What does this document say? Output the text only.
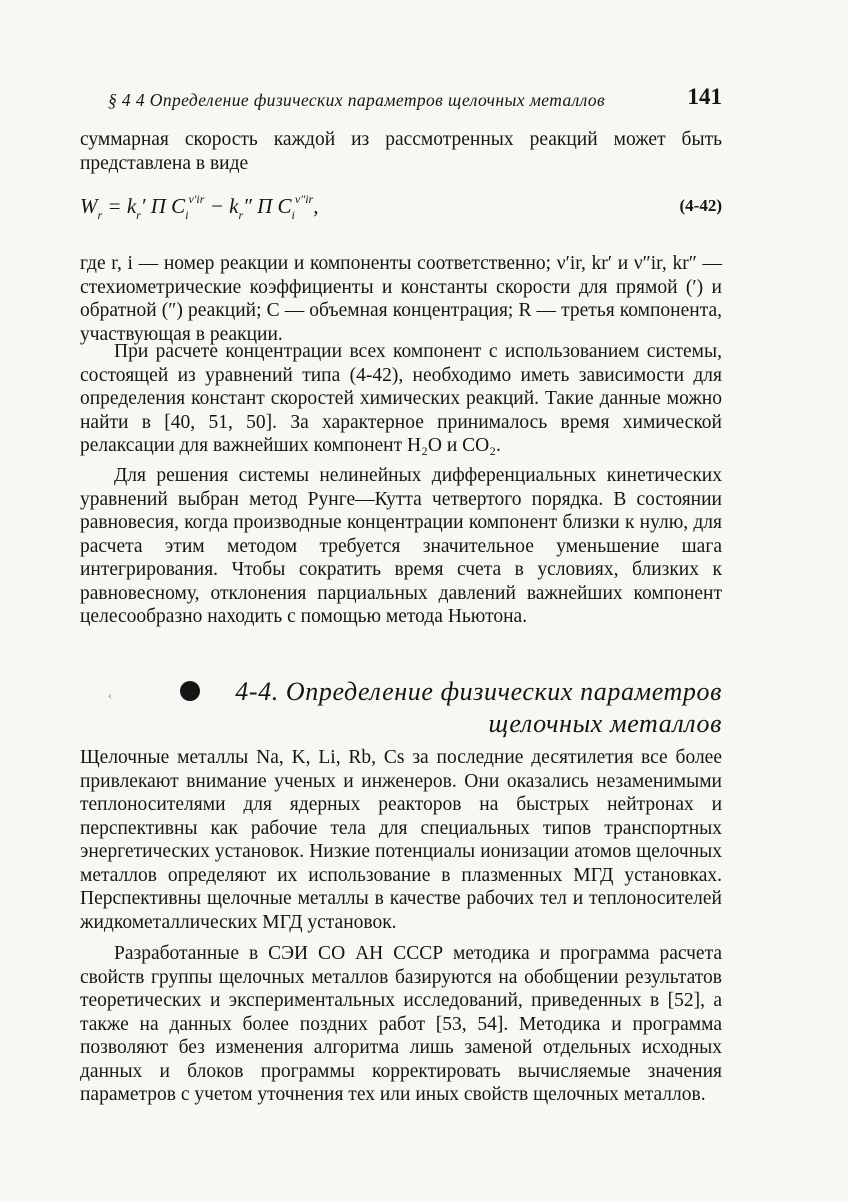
§ 4 4 Определение физических параметров щелочных металлов	141

суммарная скорость каждой из рассмотренных реакций может быть представлена в виде

$W_r = k_r'$ Π $C_i^{\nu'ir} - k_r''$ Π $C_i^{\nu''ir}$,	(4-42)

где r, i — номер реакции и компоненты соответственно; ν′ir, kr′ и ν″ir, kr″ — стехиометрические коэффициенты и константы скорости для прямой (′) и обратной (″) реакций; C — объемная концентрация; R — третья компонента, участвующая в реакции.

При расчете концентрации всех компонент с использованием системы, состоящей из уравнений типа (4-42), необходимо иметь зависимости для определения констант скоростей химических реакций. Такие данные можно найти в [40, 51, 50]. За характерное принималось время химической релаксации для важнейших компонент H₂O и CO₂.

Для решения системы нелинейных дифференциальных кинетических уравнений выбран метод Рунге—Кутта четвертого порядка. В состоянии равновесия, когда производные концентрации компонент близки к нулю, для расчета этим методом требуется значительное уменьшение шага интегрирования. Чтобы сократить время счета в условиях, близких к равновесному, отклонения парциальных давлений важнейших компонент целесообразно находить с помощью метода Ньютона.

‹	4-4. Определение физических параметров
щелочных металлов

Щелочные металлы Na, K, Li, Rb, Cs за последние десятилетия все более привлекают внимание ученых и инженеров. Они оказались незаменимыми теплоносителями для ядерных реакторов на быстрых нейтронах и перспективны как рабочие тела для специальных типов транспортных энергетических установок. Низкие потенциалы ионизации атомов щелочных металлов определяют их использование в плазменных МГД установках. Перспективны щелочные металлы в качестве рабочих тел и теплоносителей жидкометаллических МГД установок.

Разработанные в СЭИ СО АН СССР методика и программа расчета свойств группы щелочных металлов базируются на обобщении результатов теоретических и экспериментальных исследований, приведенных в [52], а также на данных более поздних работ [53, 54]. Методика и программа позволяют без изменения алгоритма лишь заменой отдельных исходных данных и блоков программы корректировать вычисляемые значения параметров с учетом уточнения тех или иных свойств щелочных металлов.
